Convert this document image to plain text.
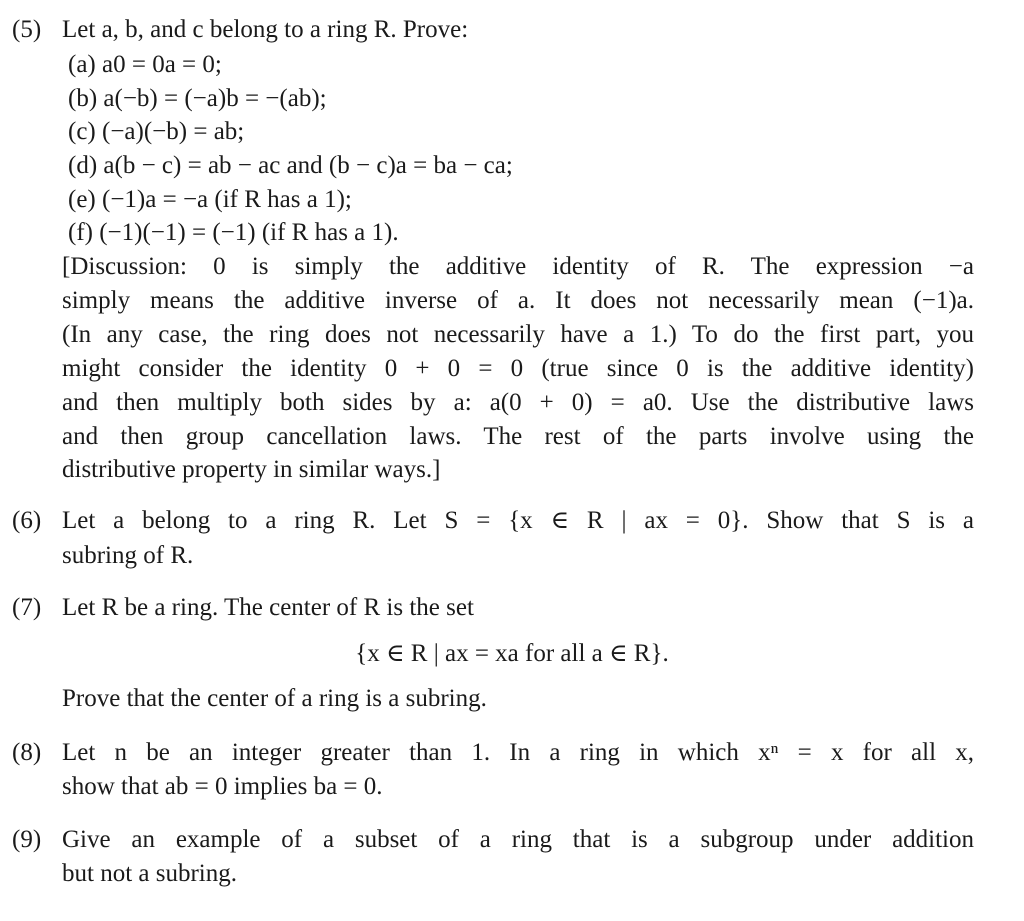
(5) Let a, b, and c belong to a ring R. Prove:
(a) a0 = 0a = 0;
(b) a(−b) = (−a)b = −(ab);
(c) (−a)(−b) = ab;
(d) a(b − c) = ab − ac and (b − c)a = ba − ca;
(e) (−1)a = −a (if R has a 1);
(f) (−1)(−1) = (−1) (if R has a 1).
[Discussion: 0 is simply the additive identity of R. The expression −a
simply means the additive inverse of a. It does not necessarily mean (−1)a.
(In any case, the ring does not necessarily have a 1.) To do the first part, you
might consider the identity 0 + 0 = 0 (true since 0 is the additive identity)
and then multiply both sides by a: a(0 + 0) = a0. Use the distributive laws
and then group cancellation laws. The rest of the parts involve using the
distributive property in similar ways.]
(6) Let a belong to a ring R. Let S = {x ∈ R | ax = 0}. Show that S is a
subring of R.
(7) Let R be a ring. The center of R is the set
{x ∈ R | ax = xa for all a ∈ R}.
Prove that the center of a ring is a subring.
(8) Let n be an integer greater than 1. In a ring in which xⁿ = x for all x,
show that ab = 0 implies ba = 0.
(9) Give an example of a subset of a ring that is a subgroup under addition
but not a subring.
